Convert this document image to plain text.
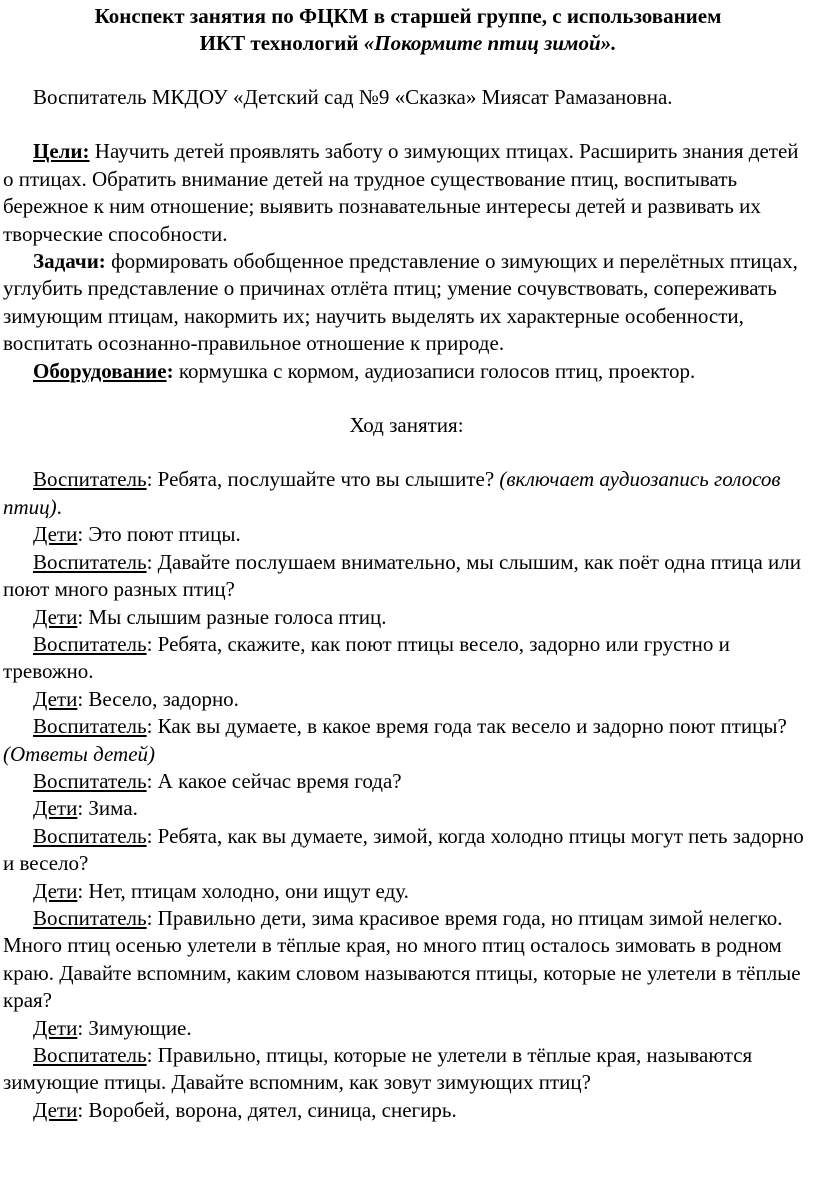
Конспект занятия по ФЦКМ в старшей группе, с использованием
ИКТ технологий «Покормите птиц зимой».

Воспитатель МКДОУ «Детский сад №9 «Сказка» Миясат Рамазановна.

Цели: Научить детей проявлять заботу о зимующих птицах. Расширить знания детей о птицах. Обратить внимание детей на трудное существование птиц, воспитывать бережное к ним отношение; выявить познавательные интересы детей и развивать их творческие способности.

Задачи: формировать обобщенное представление о зимующих и перелётных птицах, углубить представление о причинах отлёта птиц; умение сочувствовать, сопереживать зимующим птицам, накормить их; научить выделять их характерные особенности, воспитать осознанно-правильное отношение к природе.

Оборудование: кормушка с кормом, аудиозаписи голосов птиц, проектор.

Ход занятия:

Воспитатель: Ребята, послушайте что вы слышите? (включает аудиозапись голосов птиц).

Дети: Это поют птицы.

Воспитатель: Давайте послушаем внимательно, мы слышим, как поёт одна птица или поют много разных птиц?

Дети: Мы слышим разные голоса птиц.

Воспитатель: Ребята, скажите, как поют птицы весело, задорно или грустно и тревожно.

Дети: Весело, задорно.

Воспитатель: Как вы думаете, в какое время года так весело и задорно поют птицы? (Ответы детей)

Воспитатель: А какое сейчас время года?

Дети: Зима.

Воспитатель: Ребята, как вы думаете, зимой, когда холодно птицы могут петь задорно и весело?

Дети: Нет, птицам холодно, они ищут еду.

Воспитатель: Правильно дети, зима красивое время года, но птицам зимой нелегко. Много птиц осенью улетели в тёплые края, но много птиц осталось зимовать в родном краю. Давайте вспомним, каким словом называются птицы, которые не улетели в тёплые края?

Дети: Зимующие.

Воспитатель: Правильно, птицы, которые не улетели в тёплые края, называются зимующие птицы. Давайте вспомним, как зовут зимующих птиц?

Дети: Воробей, ворона, дятел, синица, снегирь.
